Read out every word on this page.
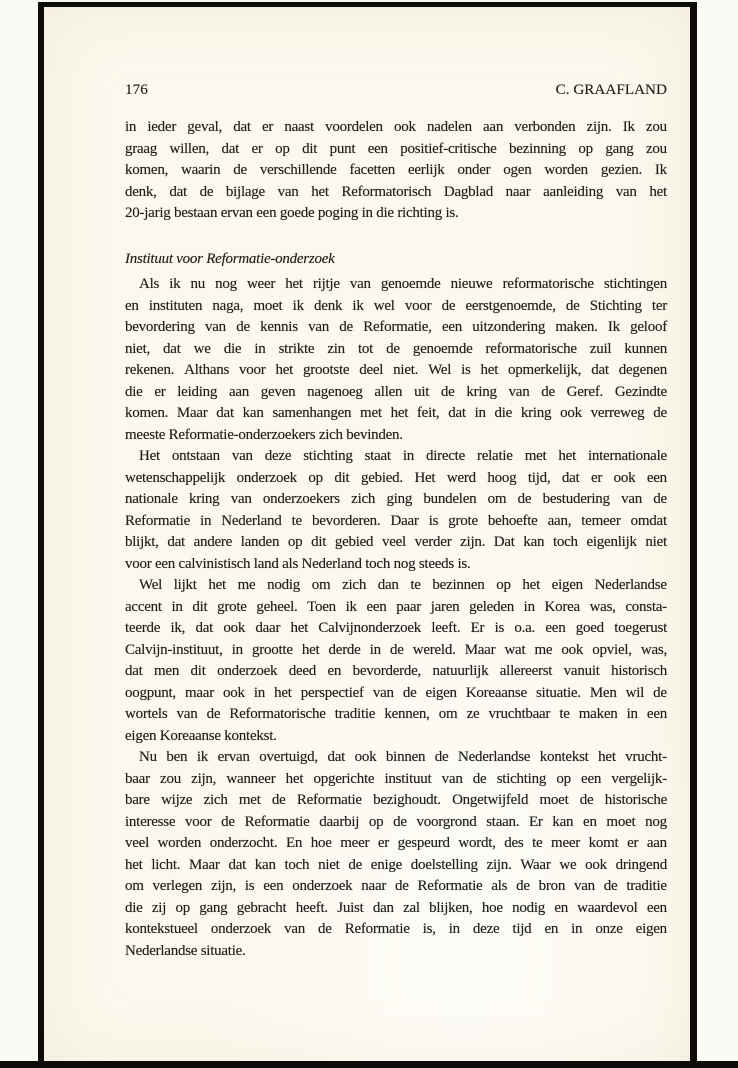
176	C. GRAAFLAND
in ieder geval, dat er naast voordelen ook nadelen aan verbonden zijn. Ik zou
graag willen, dat er op dit punt een positief-critische bezinning op gang zou
komen, waarin de verschillende facetten eerlijk onder ogen worden gezien. Ik
denk, dat de bijlage van het Reformatorisch Dagblad naar aanleiding van het
20-jarig bestaan ervan een goede poging in die richting is.
Instituut voor Reformatie-onderzoek
Als ik nu nog weer het rijtje van genoemde nieuwe reformatorische stichtingen
en instituten naga, moet ik denk ik wel voor de eerstgenoemde, de Stichting ter
bevordering van de kennis van de Reformatie, een uitzondering maken. Ik geloof
niet, dat we die in strikte zin tot de genoemde reformatorische zuil kunnen
rekenen. Althans voor het grootste deel niet. Wel is het opmerkelijk, dat degenen
die er leiding aan geven nagenoeg allen uit de kring van de Geref. Gezindte
komen. Maar dat kan samenhangen met het feit, dat in die kring ook verreweg de
meeste Reformatie-onderzoekers zich bevinden.
Het ontstaan van deze stichting staat in directe relatie met het internationale
wetenschappelijk onderzoek op dit gebied. Het werd hoog tijd, dat er ook een
nationale kring van onderzoekers zich ging bundelen om de bestudering van de
Reformatie in Nederland te bevorderen. Daar is grote behoefte aan, temeer omdat
blijkt, dat andere landen op dit gebied veel verder zijn. Dat kan toch eigenlijk niet
voor een calvinistisch land als Nederland toch nog steeds is.
Wel lijkt het me nodig om zich dan te bezinnen op het eigen Nederlandse
accent in dit grote geheel. Toen ik een paar jaren geleden in Korea was, consta-
teerde ik, dat ook daar het Calvijnonderzoek leeft. Er is o.a. een goed toegerust
Calvijn-instituut, in grootte het derde in de wereld. Maar wat me ook opviel, was,
dat men dit onderzoek deed en bevorderde, natuurlijk allereerst vanuit historisch
oogpunt, maar ook in het perspectief van de eigen Koreaanse situatie. Men wil de
wortels van de Reformatorische traditie kennen, om ze vruchtbaar te maken in een
eigen Koreaanse kontekst.
Nu ben ik ervan overtuigd, dat ook binnen de Nederlandse kontekst het vrucht-
baar zou zijn, wanneer het opgerichte instituut van de stichting op een vergelijk-
bare wijze zich met de Reformatie bezighoudt. Ongetwijfeld moet de historische
interesse voor de Reformatie daarbij op de voorgrond staan. Er kan en moet nog
veel worden onderzocht. En hoe meer er gespeurd wordt, des te meer komt er aan
het licht. Maar dat kan toch niet de enige doelstelling zijn. Waar we ook dringend
om verlegen zijn, is een onderzoek naar de Reformatie als de bron van de traditie
die zij op gang gebracht heeft. Juist dan zal blijken, hoe nodig en waardevol een
kontekstueel onderzoek van de Reformatie is, in deze tijd en in onze eigen
Nederlandse situatie.
